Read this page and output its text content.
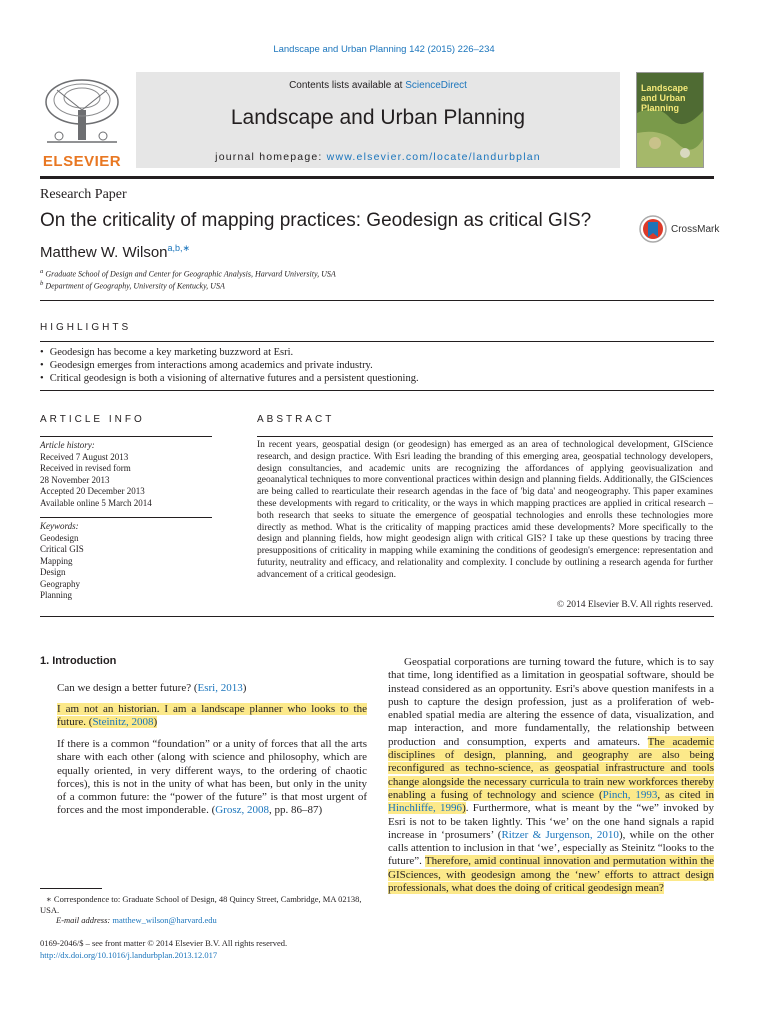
Landscape and Urban Planning 142 (2015) 226–234
ELSEVIER
Contents lists available at ScienceDirect
Landscape and Urban Planning
journal homepage: www.elsevier.com/locate/landurbplan
Landscape and Urban Planning
Research Paper
On the criticality of mapping practices: Geodesign as critical GIS?
Matthew W. Wilson$^{a,b,∗}$
CrossMark
$^a$ Graduate School of Design and Center for Geographic Analysis, Harvard University, USA
$^b$ Department of Geography, University of Kentucky, USA
HIGHLIGHTS
• Geodesign has become a key marketing buzzword at Esri.
• Geodesign emerges from interactions among academics and private industry.
• Critical geodesign is both a visioning of alternative futures and a persistent questioning.
ARTICLE INFO
Article history:
Received 7 August 2013
Received in revised form
28 November 2013
Accepted 20 December 2013
Available online 5 March 2014
Keywords:
Geodesign
Critical GIS
Mapping
Design
Geography
Planning
ABSTRACT
In recent years, geospatial design (or geodesign) has emerged as an area of technological development, GIScience research, and design practice. With Esri leading the branding of this emerging area, geospatial technology developers, design consultancies, and academic units are recognizing the affordances of applying geovisualization and geoanalytical techniques to more conventional practices within design and planning fields. Additionally, the GISciences are being called to rearticulate their research agendas in the face of 'big data' and neogeography. This paper examines these developments with regard to criticality, or the ways in which mapping practices are applied in critical research – both research that seeks to situate the emergence of geospatial technologies and enrolls these technologies more directly as method. What is the criticality of mapping practices amid these developments? More specifically to the design and planning fields, how might geodesign align with critical GIS? I take up these questions by tracing three presuppositions of criticality in mapping while examining the conditions of geodesign's emergence: representation and futurity, neutrality and efficacy, and relationality and complexity. I conclude by outlining a research agenda for further advancement of a critical geodesign.
© 2014 Elsevier B.V. All rights reserved.
1. Introduction
Can we design a better future? (Esri, 2013)
I am not an historian. I am a landscape planner who looks to the future. (Steinitz, 2008)
If there is a common “foundation” or a unity of forces that all the arts share with each other (along with science and philosophy, which are equally oriented, in very different ways, to the ordering of chaotic forces), this is not in the unity of what has been, but only in the unity of a common future: the “power of the future” is that most urgent of forces and the most imponderable. (Grosz, 2008, pp. 86–87)
∗ Correspondence to: Graduate School of Design, 48 Quincy Street, Cambridge, MA 02138, USA.
E-mail address: matthew_wilson@harvard.edu
0169-2046/$ – see front matter © 2014 Elsevier B.V. All rights reserved.
http://dx.doi.org/10.1016/j.landurbplan.2013.12.017
Geospatial corporations are turning toward the future, which is to say that time, long identified as a limitation in geospatial software, should be instead considered as an opportunity. Esri's above question manifests in a push to capture the design profession, just as a proliferation of web-enabled spatial media are altering the essence of data, visualization, and map interaction, and more fundamentally, the relationship between production and consumption, experts and amateurs. The academic disciplines of design, planning, and geography are also being reconfigured as techno-science, as geospatial infrastructure and tools change alongside the necessary curricula to train new workforces thereby enabling a fusing of technology and science (Pinch, 1993, as cited in Hinchliffe, 1996). Furthermore, what is meant by the “we” invoked by Esri is not to be taken lightly. This ‘we’ on the one hand signals a rapid increase in ‘prosumers’ (Ritzer & Jurgenson, 2010), while on the other calls attention to inclusion in that ‘we’, especially as Steinitz “looks to the future”. Therefore, amid continual innovation and permutation within the GISciences, with geodesign among the ‘new’ efforts to attract design professionals, what does the doing of critical geodesign mean?
